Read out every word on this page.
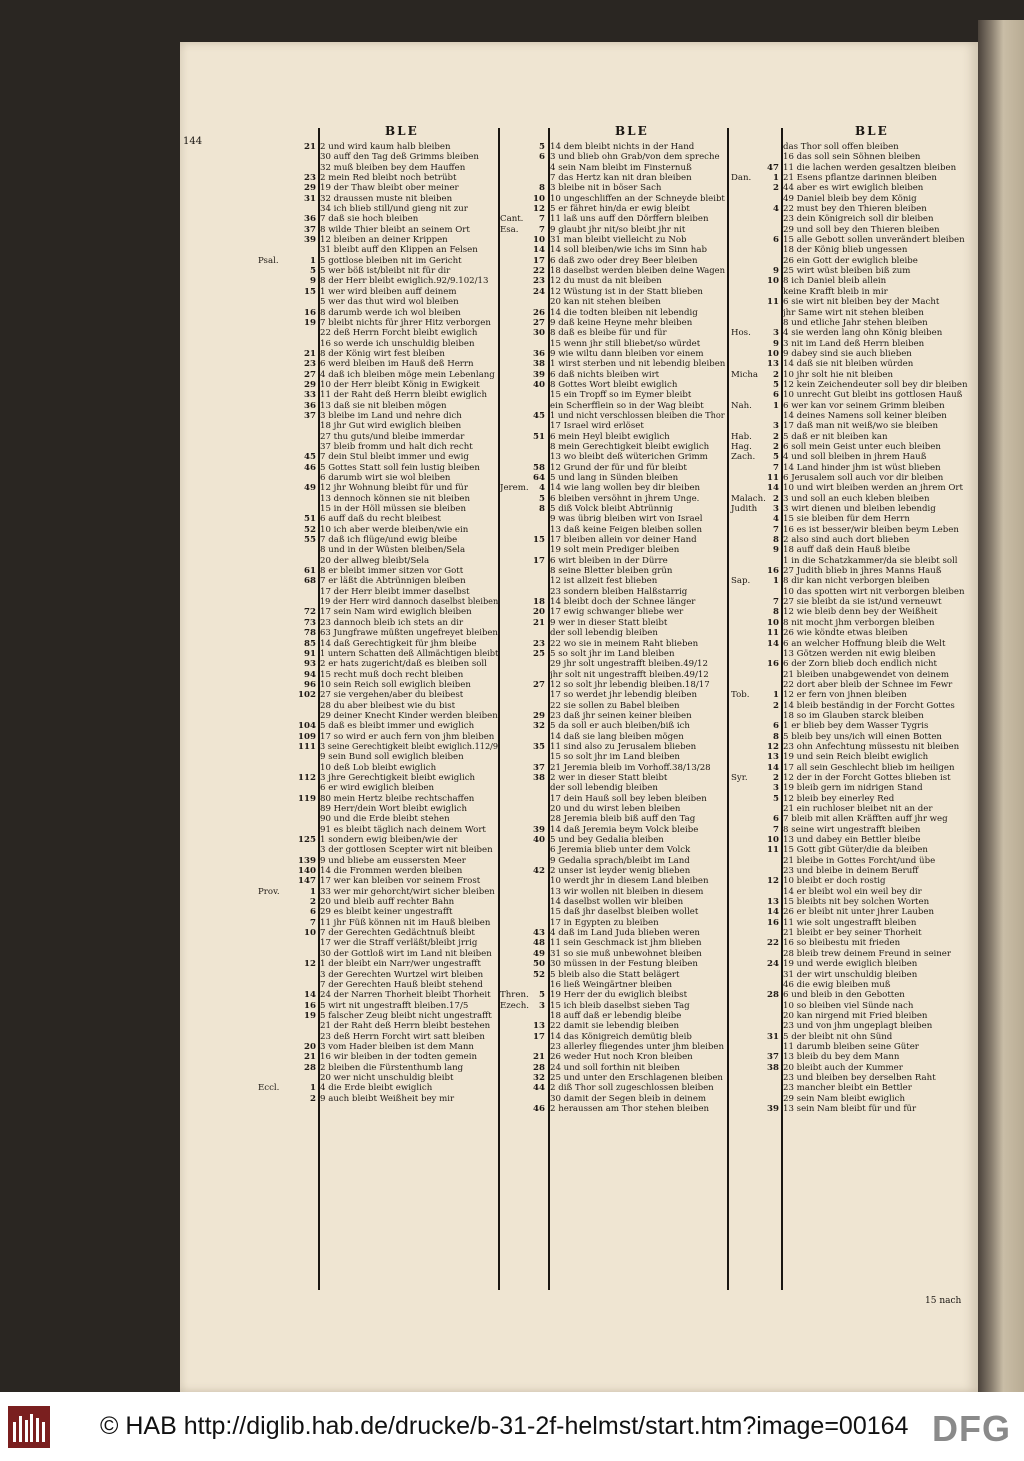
144
BLE	BLE	BLE
21 2 und wird kaum halb bleiben
30 auff den Tag deß Grimms bleiben
32 muß bleiben bey dem Hauffen
23 2 mein Red bleibt noch betrübt
29 19 der Thaw bleibt ober meiner
31 32 draussen muste nit bleiben
34 ich blieb still/und gieng nit zur
36 7 daß sie hoch bleiben
37 8 wilde Thier bleibt an seinem Ort
39 12 bleiben an deiner Krippen
31 bleibt auff den Klippen an Felsen
Psal.	1 5 gottlose bleiben nit im Gericht
5 5 wer böß ist/bleibt nit für dir
9 8 der Herr bleibt ewiglich.92/9.102/13
15 1 wer wird bleiben auff deinem
5 wer das thut wird wol bleiben
16 8 darumb werde ich wol bleiben
19 7 bleibt nichts für jhrer Hitz verborgen
22 deß Herrn Forcht bleibt ewiglich
16 so werde ich unschuldig bleiben
21 8 der König wirt fest bleiben
23 6 werd bleiben im Hauß deß Herrn
27 4 daß ich bleiben möge mein Lebenlang
29 10 der Herr bleibt König in Ewigkeit
33 11 der Raht deß Herrn bleibt ewiglich
36 13 daß sie nit bleiben mögen
37 3 bleibe im Land und nehre dich
18 jhr Gut wird ewiglich bleiben
27 thu guts/und bleibe immerdar
37 bleib fromm und halt dich recht
45 7 dein Stul bleibt immer und ewig
46 5 Gottes Statt soll fein lustig bleiben
6 darumb wirt sie wol bleiben
49 12 jhr Wohnung bleibt für und für
13 dennoch können sie nit bleiben
15 in der Höll müssen sie bleiben
51 6 auff daß du recht bleibest
52 10 ich aber werde bleiben/wie ein
55 7 daß ich flüge/und ewig bleibe
8 und in der Wüsten bleiben/Sela
20 der allweg bleibt/Sela
61 8 er bleibt immer sitzen vor Gott
68 7 er läßt die Abtrünnigen bleiben
17 der Herr bleibt immer daselbst
19 der Herr wird dannoch daselbst bleiben
72 17 sein Nam wird ewiglich bleiben
73 23 dannoch bleib ich stets an dir
78 63 Jungfrawe müßten ungefreyet bleiben
85 14 daß Gerechtigkeit für jhm bleibe
91 1 untern Schatten deß Allmächtigen bleibt
93 2 er hats zugericht/daß es bleiben soll
94 15 recht muß doch recht bleiben
96 10 sein Reich soll ewiglich bleiben
102 27 sie vergehen/aber du bleibest
28 du aber bleibest wie du bist
29 deiner Knecht Kinder werden bleiben
104 5 daß es bleibt immer und ewiglich
109 17 so wird er auch fern von jhm bleiben
111 3 seine Gerechtigkeit bleibt ewiglich.112/9
9 sein Bund soll ewiglich bleiben
10 deß Lob bleibt ewiglich
112 3 jhre Gerechtigkeit bleibt ewiglich
6 er wird ewiglich bleiben
119 80 mein Hertz bleibe rechtschaffen
89 Herr/dein Wort bleibt ewiglich
90 und die Erde bleibt stehen
91 es bleibt täglich nach deinem Wort
125 1 sondern ewig bleiben/wie der
3 der gottlosen Scepter wirt nit bleiben
139 9 und bliebe am eussersten Meer
140 14 die Frommen werden bleiben
147 17 wer kan bleiben vor seinem Frost
Prov.	1 33 wer mir gehorcht/wirt sicher bleiben
2 20 und bleib auff rechter Bahn
6 29 es bleibt keiner ungestrafft
7 11 jhr Füß können nit im Hauß bleiben
10 7 der Gerechten Gedächtnuß bleibt
17 wer die Straff verläßt/bleibt jrrig
30 der Gottloß wirt im Land nit bleiben
12 1 der bleibt ein Narr/wer ungestrafft
3 der Gerechten Wurtzel wirt bleiben
7 der Gerechten Hauß bleibt stehend
14 24 der Narren Thorheit bleibt Thorheit
16 5 wirt nit ungestrafft bleiben.17/5
19 5 falscher Zeug bleibt nicht ungestrafft
21 der Raht deß Herrn bleibt bestehen
23 deß Herrn Forcht wirt satt bleiben
20 3 vom Hader bleiben ist dem Mann
21 16 wir bleiben in der todten gemein
28 2 bleiben die Fürstenthumb lang
20 wer nicht unschuldig bleibt
Eccl.	1 4 die Erde bleibt ewiglich
2 9 auch bleibt Weißheit bey mir
5 14 dem bleibt nichts in der Hand
6 3 und blieb ohn Grab/von dem spreche
4 sein Nam bleibt im Finsternuß
7 das Hertz kan nit dran bleiben
8 3 bleibe nit in böser Sach
10 10 ungeschliffen an der Schneyde bleibt
12 5 er fähret hin/da er ewig bleibt
Cant.	7 11 laß uns auff den Dörffern bleiben
Esa.	7 9 glaubt jhr nit/so bleibt jhr nit
10 31 man bleibt vielleicht zu Nob
14 14 soll bleiben/wie ichs im Sinn hab
17 6 daß zwo oder drey Beer bleiben
22 18 daselbst werden bleiben deine Wagen
23 12 du must da nit bleiben
24 12 Wüstung ist in der Statt blieben
20 kan nit stehen bleiben
26 14 die todten bleiben nit lebendig
27 9 daß keine Heyne mehr bleiben
30 8 daß es bleibe für und für
15 wenn jhr still bliebet/so würdet
36 9 wie wiltu dann bleiben vor einem
38 1 wirst sterben und nit lebendig bleiben
39 6 daß nichts bleiben wirt
40 8 Gottes Wort bleibt ewiglich
15 ein Tropff so im Eymer bleibt
ein Scherfflein so in der Wag bleibt
45 1 und nicht verschlossen bleiben die Thor
17 Israel wird erlöset
51 6 mein Heyl bleibt ewiglich
8 mein Gerechtigkeit bleibt ewiglich
13 wo bleibt deß wüterichen Grimm
58 12 Grund der für und für bleibt
64 5 und lang in Sünden bleiben
Jerem.	4 14 wie lang wollen bey dir bleiben
5 6 bleiben versöhnt in jhrem Unge.
8 5 diß Volck bleibt Abtrünnig
9 was übrig bleiben wirt von Israel
13 daß keine Feigen bleiben sollen
15 17 bleiben allein vor deiner Hand
19 solt mein Prediger bleiben
17 6 wirt bleiben in der Dürre
8 seine Bletter bleiben grün
12 ist allzeit fest blieben
23 sondern bleiben Halßstarrig
18 14 bleibt doch der Schnee länger
20 17 ewig schwanger bliebe wer
21 9 wer in dieser Statt bleibt
der soll lebendig bleiben
23 22 wo sie in meinem Raht blieben
25 5 so solt jhr im Land bleiben
29 jhr solt ungestrafft bleiben.49/12
jhr solt nit ungestrafft bleiben.49/12
27 12 so solt jhr lebendig bleiben.18/17
17 so werdet jhr lebendig bleiben
22 sie sollen zu Babel bleiben
29 23 daß jhr seinen keiner bleiben
32 5 da soll er auch bleiben/biß ich
14 daß sie lang bleiben mögen
35 11 sind also zu Jerusalem blieben
15 so solt jhr im Land bleiben
37 21 Jeremia bleib im Vorhoff.38/13/28
38 2 wer in dieser Statt bleibt
der soll lebendig bleiben
17 dein Hauß soll bey leben bleiben
20 und du wirst leben bleiben
28 Jeremia bleib biß auff den Tag
39 14 daß Jeremia beym Volck bleibe
40 5 und bey Gedalia bleiben
6 Jeremia blieb unter dem Volck
9 Gedalia sprach/bleibt im Land
42 2 unser ist leyder wenig blieben
10 werdt jhr in diesem Land bleiben
13 wir wollen nit bleiben in diesem
14 daselbst wollen wir bleiben
15 daß jhr daselbst bleiben wollet
17 in Egypten zu bleiben
43 4 daß im Land Juda blieben weren
48 11 sein Geschmack ist jhm blieben
49 31 so sie muß unbewohnet bleiben
50 30 müssen in der Festung bleiben
52 5 bleib also die Statt belägert
16 ließ Weingärtner bleiben
Thren.	5 19 Herr der du ewiglich bleibst
Ezech.	3 15 ich bleib daselbst sieben Tag
18 auff daß er lebendig bleibe
13 22 damit sie lebendig bleiben
17 14 das Königreich demütig bleib
23 allerley fliegendes unter jhm bleiben
21 26 weder Hut noch Kron bleiben
28 24 und soll forthin nit bleiben
32 25 und unter den Erschlagenen bleiben
44 2 diß Thor soll zugeschlossen bleiben
30 damit der Segen bleib in deinem
46 2 heraussen am Thor stehen bleiben
das Thor soll offen bleiben
16 das soll sein Söhnen bleiben
47 11 die lachen werden gesaltzen bleiben
Dan.	1 21 Esens pflantze darinnen bleiben
2 44 aber es wirt ewiglich bleiben
49 Daniel bleib bey dem König
4 22 must bey den Thieren bleiben
23 dein Königreich soll dir bleiben
29 und soll bey den Thieren bleiben
6 15 alle Gebott sollen unverändert bleiben
18 der König blieb ungessen
26 ein Gott der ewiglich bleibe
9 25 wirt wüst bleiben biß zum
10 8 ich Daniel bleib allein
keine Krafft bleib in mir
11 6 sie wirt nit bleiben bey der Macht
jhr Same wirt nit stehen bleiben
8 und etliche Jahr stehen bleiben
Hos.	3 4 sie werden lang ohn König bleiben
9 3 nit im Land deß Herrn bleiben
10 9 dabey sind sie auch blieben
13 14 daß sie nit bleiben würden
Micha	2 10 jhr solt hie nit bleiben
5 12 kein Zeichendeuter soll bey dir bleiben
6 10 unrecht Gut bleibt ins gottlosen Hauß
Nah.	1 6 wer kan vor seinem Grimm bleiben
14 deines Namens soll keiner bleiben
3 17 daß man nit weiß/wo sie bleiben
Hab.	2 5 daß er nit bleiben kan
Hag.	2 6 soll mein Geist unter euch bleiben
Zach.	5 4 und soll bleiben in jhrem Hauß
7 14 Land hinder jhm ist wüst blieben
11 6 Jerusalem soll auch vor dir bleiben
14 10 und wirt bleiben werden an jhrem Ort
Malach. 2 3 und soll an euch kleben bleiben
Judith	3 3 wirt dienen und bleiben lebendig
4 15 sie bleiben für dem Herrn
7 16 es ist besser/wir bleiben beym Leben
8 2 also sind auch dort blieben
9 18 auff daß dein Hauß bleibe
1 in die Schatzkammer/da sie bleibt soll
16 27 Judith blieb in jhres Manns Hauß
Sap.	1 8 dir kan nicht verborgen bleiben
10 das spotten wirt nit verborgen bleiben
7 27 sie bleibt da sie ist/und verneuwt
8 12 wie bleib denn bey der Weißheit
10 8 nit mocht jhm verborgen bleiben
11 26 wie köndte etwas bleiben
14 6 an welcher Hoffnung bleib die Welt
13 Götzen werden nit ewig bleiben
16 6 der Zorn blieb doch endlich nicht
21 bleiben unabgewendet von deinem
22 dort aber bleib der Schnee im Fewr
Tob.	1 12 er fern von jhnen bleiben
2 14 bleib beständig in der Forcht Gottes
18 so im Glauben starck bleiben
6 1 er blieb bey dem Wasser Tygris
8 5 bleib bey uns/ich will einen Botten
12 23 ohn Anfechtung müssestu nit bleiben
13 19 und sein Reich bleibt ewiglich
14 17 all sein Geschlecht blieb im heiligen
Syr.	2 12 der in der Forcht Gottes blieben ist
3 19 bleib gern im nidrigen Stand
5 12 bleib bey einerley Red
21 ein ruchloser bleibet nit an der
6 7 bleib mit allen Kräfften auff jhr weg
7 8 seine wirt ungestrafft bleiben
10 13 und dabey ein Bettler bleibe
11 15 Gott gibt Güter/die da bleiben
21 bleibe in Gottes Forcht/und übe
23 und bleibe in deinem Beruff
12 10 bleibt er doch rostig
14 er bleibt wol ein weil bey dir
13 15 bleibts nit bey solchen Worten
14 26 er bleibt nit unter jhrer Lauben
16 11 wie solt ungestrafft bleiben
21 bleibt er bey seiner Thorheit
22 16 so bleibestu mit frieden
28 bleib trew deinem Freund in seiner
24 19 und werde ewiglich bleiben
31 der wirt unschuldig bleiben
46 die ewig bleiben muß
28 6 und bleib in den Gebotten
10 so bleiben viel Sünde nach
20 kan nirgend mit Fried bleiben
23 und von jhm ungeplagt bleiben
31 5 der bleibt nit ohn Sünd
11 darumb bleiben seine Güter
37 13 bleib du bey dem Mann
38 20 bleibt auch der Kummer
23 und bleiben bey derselben Raht
23 mancher bleibt ein Bettler
29 sein Nam bleibt ewiglich
39 13 sein Nam bleibt für und für
15 nach
© HAB http://diglib.hab.de/drucke/b-31-2f-helmst/start.htm?image=00164 DFG
